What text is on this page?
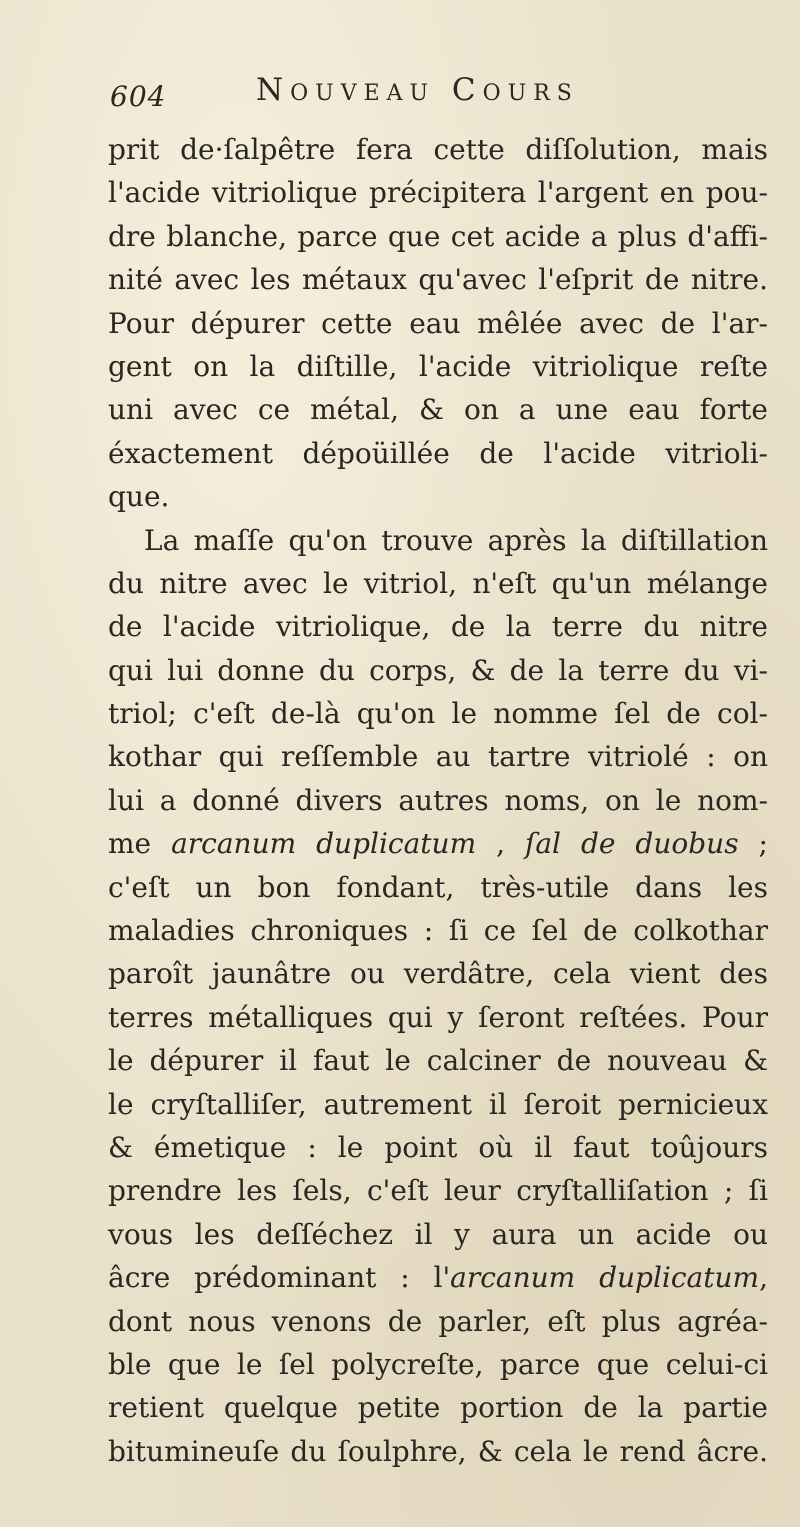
604	Nouveau Cours
prit de·ſalpêtre fera cette diſſolution, mais
l'acide vitriolique précipitera l'argent en pou-
dre blanche, parce que cet acide a plus d'affi-
nité avec les métaux qu'avec l'eſprit de nitre.
Pour dépurer cette eau mêlée avec de l'ar-
gent on la diſtille, l'acide vitriolique reſte
uni avec ce métal, & on a une eau forte
éxactement dépoüillée de l'acide vitrioli-
que.
La maſſe qu'on trouve après la diſtillation
du nitre avec le vitriol, n'eſt qu'un mélange
de l'acide vitriolique, de la terre du nitre
qui lui donne du corps, & de la terre du vi-
triol; c'eſt de-là qu'on le nomme ſel de col-
kothar qui reſſemble au tartre vitriolé : on
lui a donné divers autres noms, on le nom-
me arcanum duplicatum , ſal de duobus ;
c'eſt un bon fondant, très-utile dans les
maladies chroniques : ſi ce ſel de colkothar
paroît jaunâtre ou verdâtre, cela vient des
terres métalliques qui y ſeront reſtées. Pour
le dépurer il faut le calciner de nouveau &
le cryſtalliſer, autrement il ſeroit pernicieux
& émetique : le point où il faut toûjours
prendre les ſels, c'eſt leur cryſtalliſation ; ſi
vous les deſſéchez il y aura un acide ou
âcre prédominant : l'arcanum duplicatum,
dont nous venons de parler, eſt plus agréa-
ble que le ſel polycreſte, parce que celui-ci
retient quelque petite portion de la partie
bitumineuſe du ſoulphre, & cela le rend âcre.
